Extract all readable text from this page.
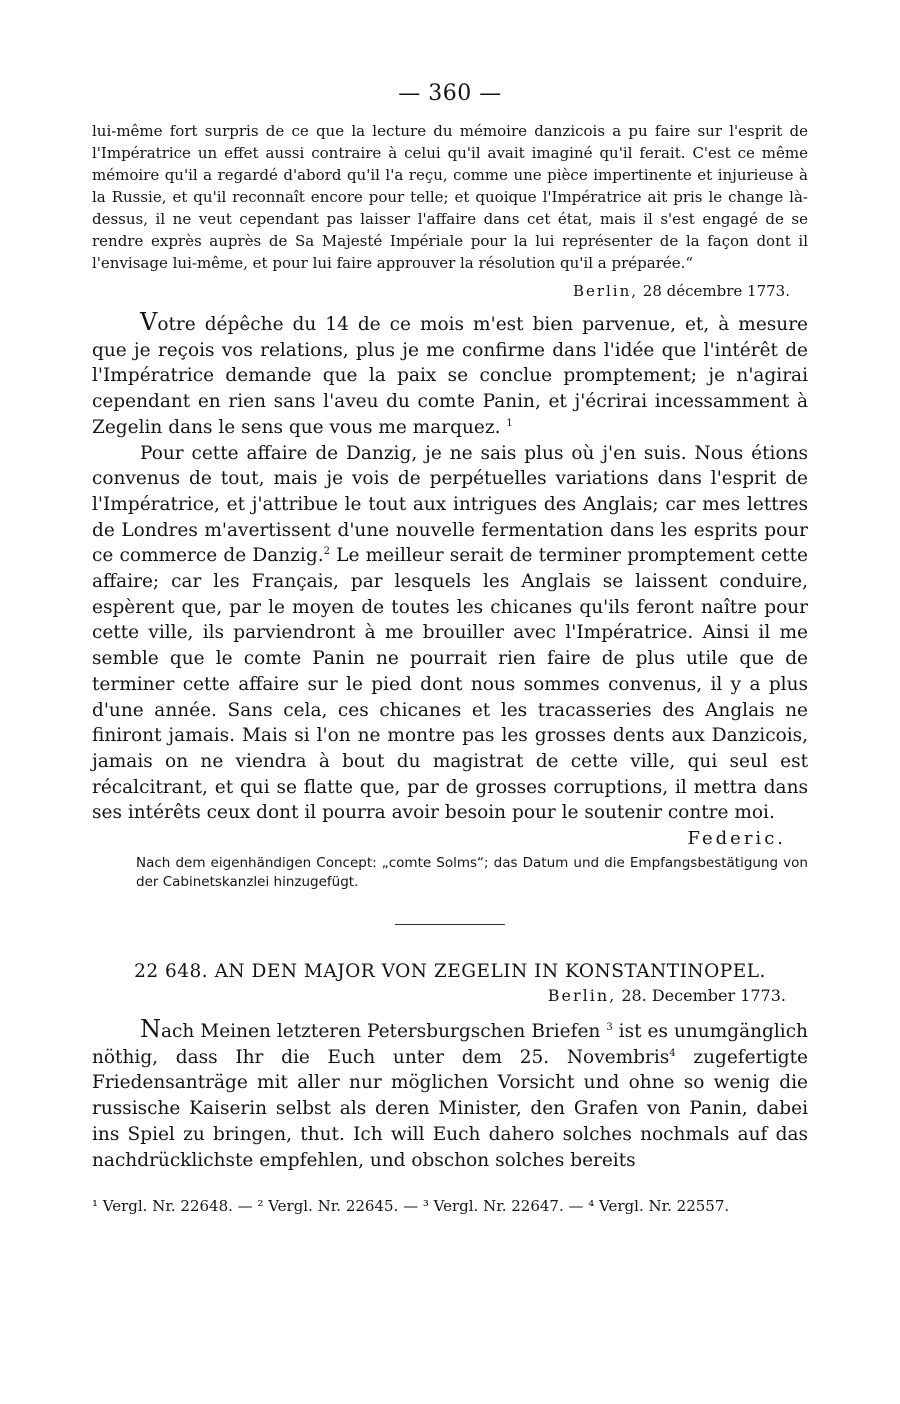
— 360 —

lui-même fort surpris de ce que la lecture du mémoire danzicois a pu faire sur l'esprit de l'Impératrice un effet aussi contraire à celui qu'il avait imaginé qu'il ferait. C'est ce même mémoire qu'il a regardé d'abord qu'il l'a reçu, comme une pièce impertinente et injurieuse à la Russie, et qu'il reconnaît encore pour telle; et quoique l'Impératrice ait pris le change là-dessus, il ne veut cependant pas laisser l'affaire dans cet état, mais il s'est engagé de se rendre exprès auprès de Sa Majesté Impériale pour la lui représenter de la façon dont il l'envisage lui-même, et pour lui faire approuver la résolution qu'il a préparée.“

Berlin, 28 décembre 1773.

Votre dépêche du 14 de ce mois m'est bien parvenue, et, à mesure que je reçois vos relations, plus je me confirme dans l'idée que l'intérêt de l'Impératrice demande que la paix se conclue promptement; je n'agirai cependant en rien sans l'aveu du comte Panin, et j'écrirai incessamment à Zegelin dans le sens que vous me marquez. $^1$

Pour cette affaire de Danzig, je ne sais plus où j'en suis. Nous étions convenus de tout, mais je vois de perpétuelles variations dans l'esprit de l'Impératrice, et j'attribue le tout aux intrigues des Anglais; car mes lettres de Londres m'avertissent d'une nouvelle fermentation dans les esprits pour ce commerce de Danzig.$^2$ Le meilleur serait de terminer promptement cette affaire; car les Français, par lesquels les Anglais se laissent conduire, espèrent que, par le moyen de toutes les chicanes qu'ils feront naître pour cette ville, ils parviendront à me brouiller avec l'Impératrice. Ainsi il me semble que le comte Panin ne pourrait rien faire de plus utile que de terminer cette affaire sur le pied dont nous sommes convenus, il y a plus d'une année. Sans cela, ces chicanes et les tracasseries des Anglais ne finiront jamais. Mais si l'on ne montre pas les grosses dents aux Danzicois, jamais on ne viendra à bout du magistrat de cette ville, qui seul est récalcitrant, et qui se flatte que, par de grosses corruptions, il mettra dans ses intérêts ceux dont il pourra avoir besoin pour le soutenir contre moi.

Federic.

Nach dem eigenhändigen Concept: „comte Solms“; das Datum und die Empfangsbestätigung von der Cabinetskanzlei hinzugefügt.

22 648. AN DEN MAJOR VON ZEGELIN IN KONSTANTINOPEL.

Berlin, 28. December 1773.

Nach Meinen letzteren Petersburgschen Briefen $^3$ ist es unumgänglich nöthig, dass Ihr die Euch unter dem 25. Novembris$^4$ zugefertigte Friedensanträge mit aller nur möglichen Vorsicht und ohne so wenig die russische Kaiserin selbst als deren Minister, den Grafen von Panin, dabei ins Spiel zu bringen, thut. Ich will Euch dahero solches nochmals auf das nachdrücklichste empfehlen, und obschon solches bereits

¹ Vergl. Nr. 22648. — ² Vergl. Nr. 22645. — ³ Vergl. Nr. 22647. — ⁴ Vergl. Nr. 22557.
